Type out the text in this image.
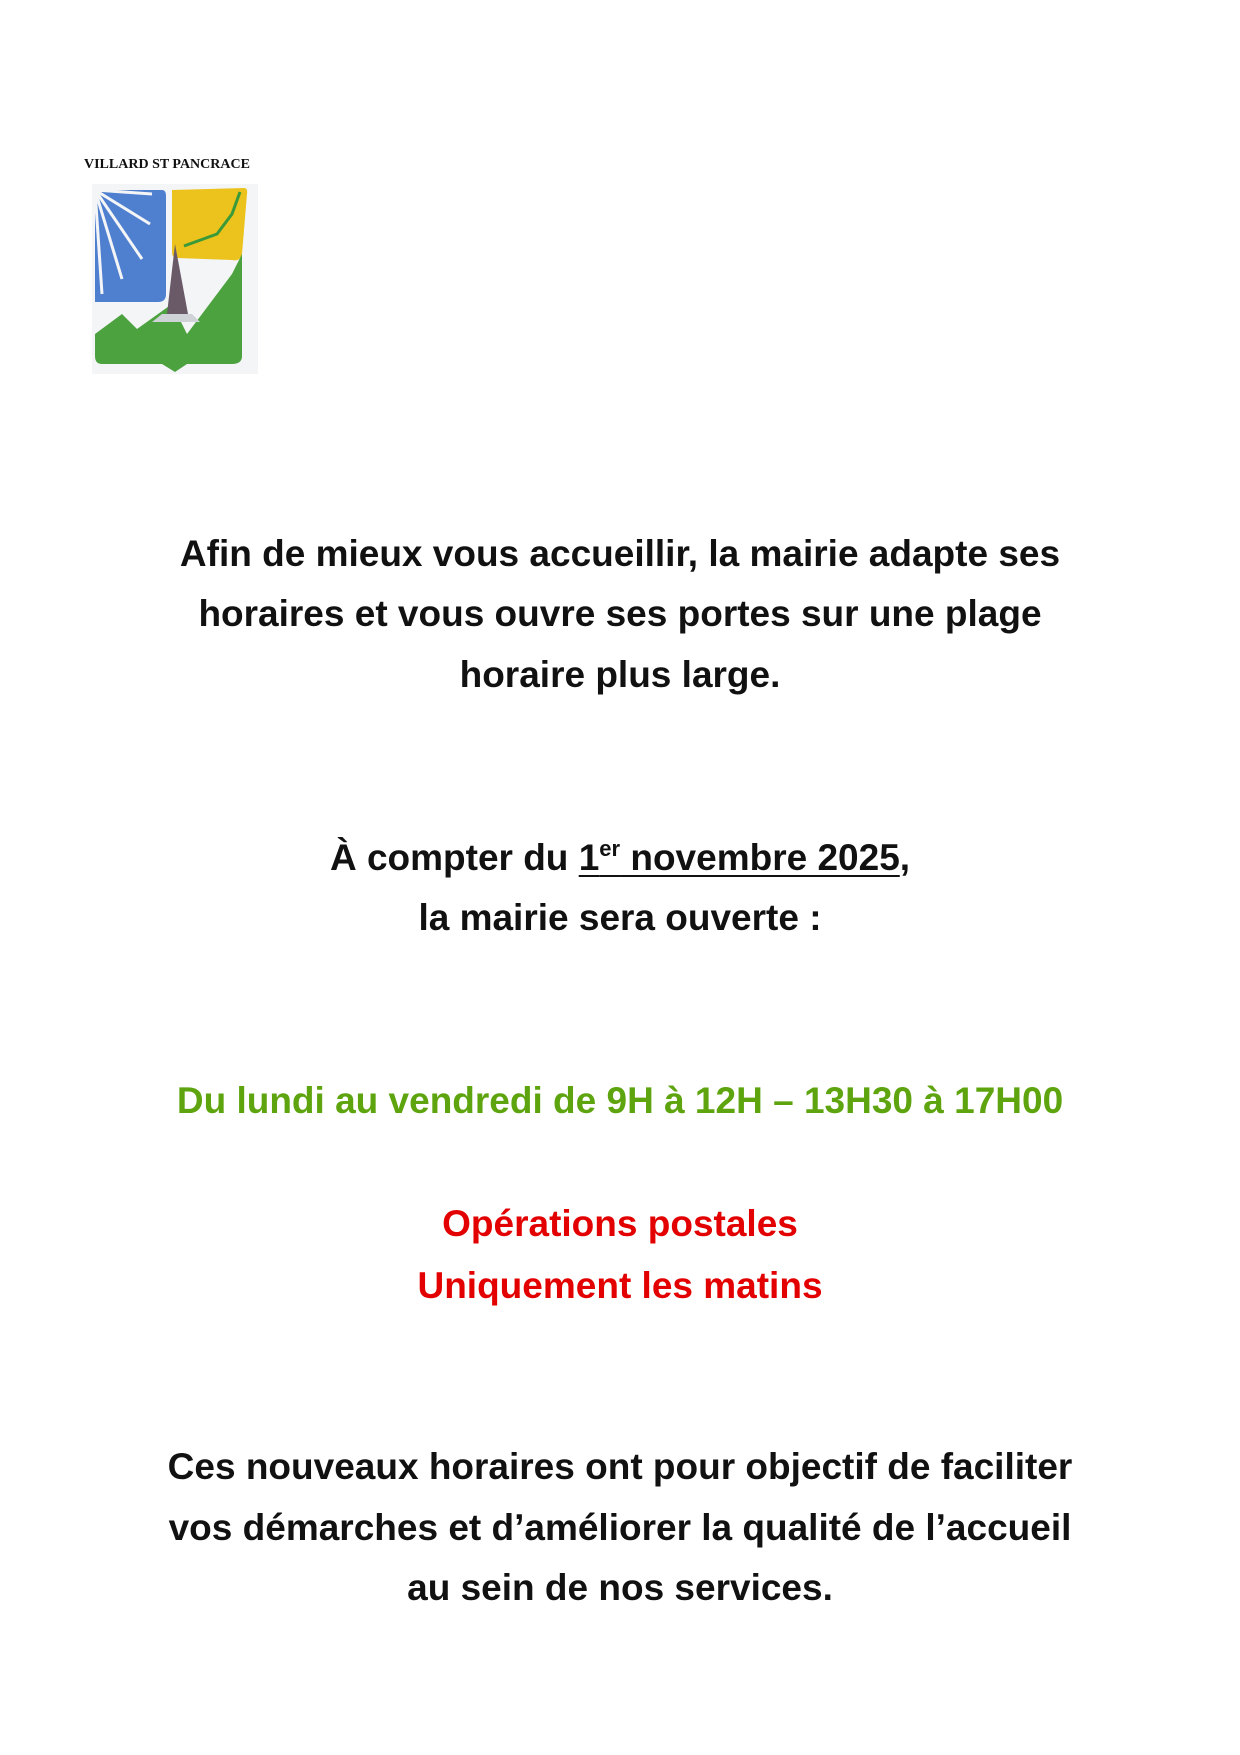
VILLARD ST PANCRACE
Afin de mieux vous accueillir, la mairie adapte ses
horaires et vous ouvre ses portes sur une plage
horaire plus large.
À compter du 1er novembre 2025,
la mairie sera ouverte :
Du lundi au vendredi de 9H à 12H – 13H30 à 17H00
Opérations postales
Uniquement les matins
Ces nouveaux horaires ont pour objectif de faciliter
vos démarches et d’améliorer la qualité de l’accueil
au sein de nos services.
